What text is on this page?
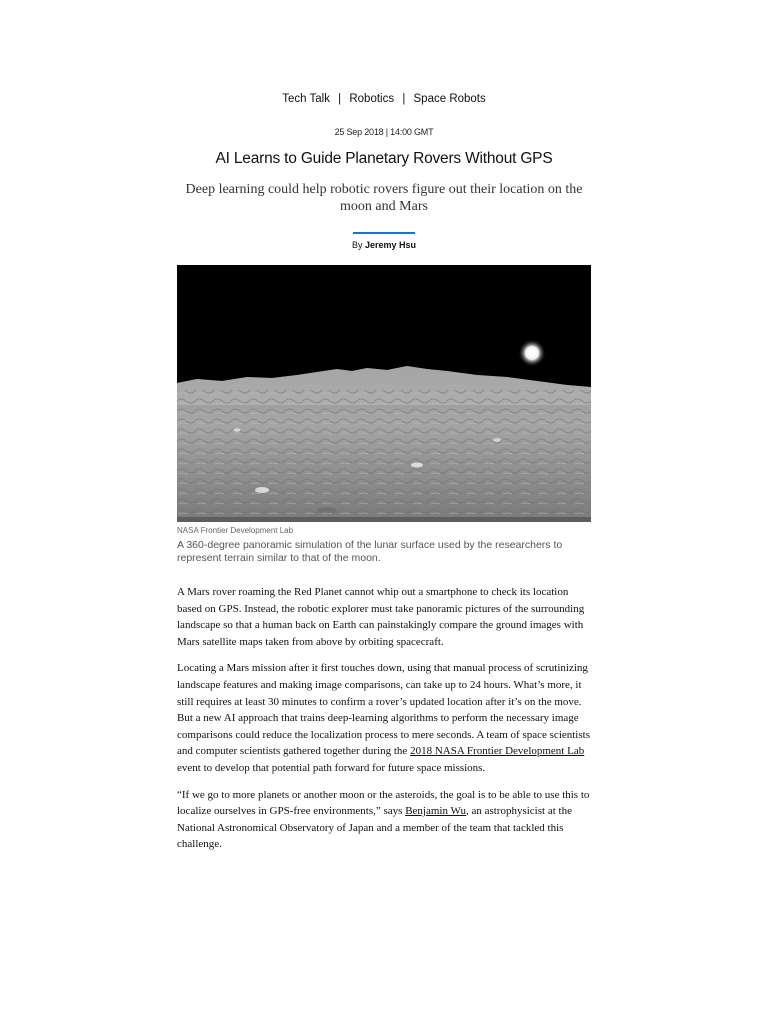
Tech Talk | Robotics | Space Robots
25 Sep 2018 | 14:00 GMT
AI Learns to Guide Planetary Rovers Without GPS

Deep learning could help robotic rovers figure out their location on the moon and Mars

By Jeremy Hsu
NASA Frontier Development Lab
A 360-degree panoramic simulation of the lunar surface used by the researchers to represent terrain similar to that of the moon.

A Mars rover roaming the Red Planet cannot whip out a smartphone to check its location based on GPS. Instead, the robotic explorer must take panoramic pictures of the surrounding landscape so that a human back on Earth can painstakingly compare the ground images with Mars satellite maps taken from above by orbiting spacecraft.

Locating a Mars mission after it first touches down, using that manual process of scrutinizing landscape features and making image comparisons, can take up to 24 hours. What’s more, it still requires at least 30 minutes to confirm a rover’s updated location after it’s on the move. But a new AI approach that trains deep-learning algorithms to perform the necessary image comparisons could reduce the localization process to mere seconds. A team of space scientists and computer scientists gathered together during the 2018 NASA Frontier Development Lab event to develop that potential path forward for future space missions.

“If we go to more planets or another moon or the asteroids, the goal is to be able to use this to localize ourselves in GPS-free environments,” says Benjamin Wu, an astrophysicist at the National Astronomical Observatory of Japan and a member of the team that tackled this challenge.
